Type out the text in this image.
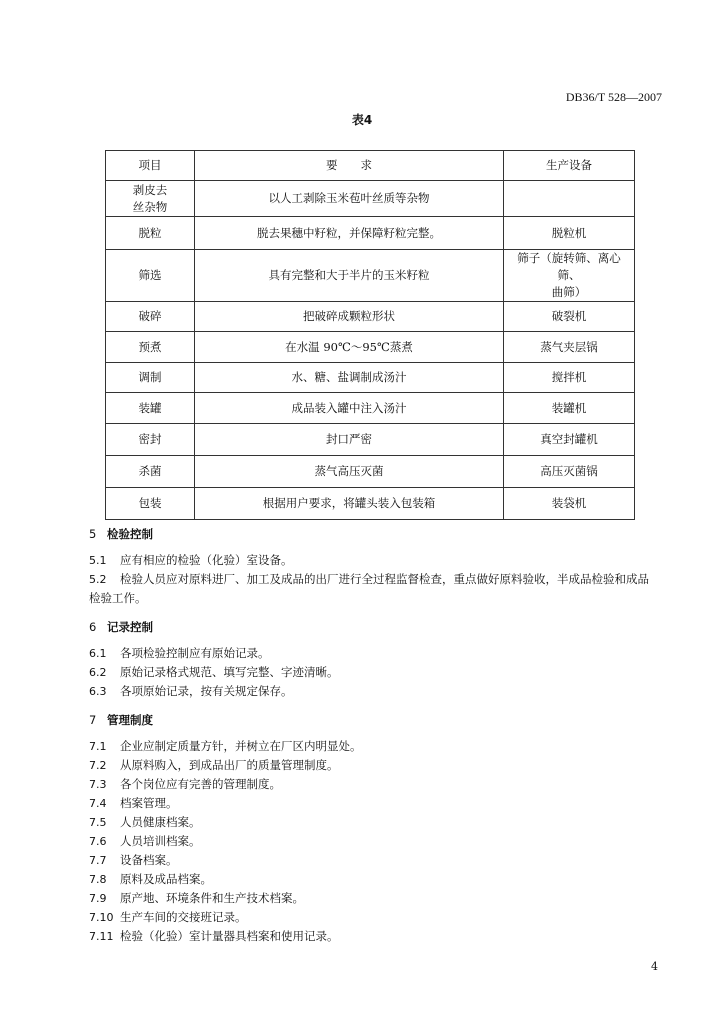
DB36/T 528—2007
表4
项目	要　　求	生产设备
剥皮去
丝杂物	以人工剥除玉米苞叶丝质等杂物	
脱粒	脱去果穗中籽粒，并保障籽粒完整。	脱粒机
筛选	具有完整和大于半片的玉米籽粒	筛子（旋转筛、离心筛、
曲筛）
破碎	把破碎成颗粒形状	破裂机
预煮	在水温 90℃～95℃蒸煮	蒸气夹层锅
调制	水、糖、盐调制成汤汁	搅拌机
装罐	成品装入罐中注入汤汁	装罐机
密封	封口严密	真空封罐机
杀菌	蒸气高压灭菌	高压灭菌锅
包装	根据用户要求，将罐头装入包装箱	装袋机

5 检验控制

5.1 应有相应的检验（化验）室设备。

5.2 检验人员应对原料进厂、加工及成品的出厂进行全过程监督检查，重点做好原料验收，半成品检验和成品检验工作。

6 记录控制

6.1 各项检验控制应有原始记录。

6.2 原始记录格式规范、填写完整、字迹清晰。

6.3 各项原始记录，按有关规定保存。

7 管理制度

7.1 企业应制定质量方针，并树立在厂区内明显处。

7.2 从原料购入，到成品出厂的质量管理制度。

7.3 各个岗位应有完善的管理制度。

7.4 档案管理。

7.5 人员健康档案。

7.6 人员培训档案。

7.7 设备档案。

7.8 原料及成品档案。

7.9 原产地、环境条件和生产技术档案。

7.10 生产车间的交接班记录。

7.11 检验（化验）室计量器具档案和使用记录。

4
